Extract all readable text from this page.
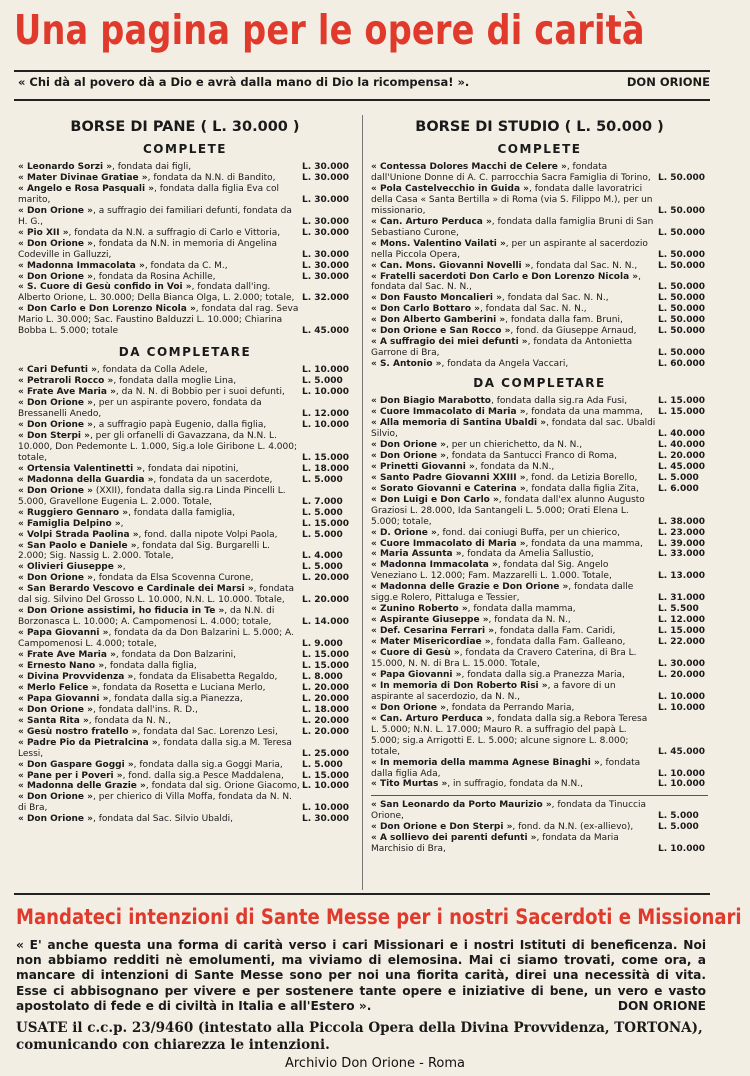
Una pagina per le opere di carità
« Chi dà al povero dà a Dio e avrà dalla mano di Dio la ricompensa! ».	DON ORIONE
BORSE DI PANE ( L. 30.000 )
COMPLETE
« Leonardo Sorzi », fondata dai figli,	L. 30.000
« Mater Divinae Gratiae », fondata da N.N. di Bandito,	L. 30.000
« Angelo e Rosa Pasquali », fondata dalla figlia Eva col marito,	L. 30.000
« Don Orione », a suffragio dei familiari defunti, fondata da H. G.,	L. 30.000
« Pio XII », fondata da N.N. a suffragio di Carlo e Vittoria, L. 30.000
« Don Orione », fondata da N.N. in memoria di Angelina Codeville in Galluzzi,	L. 30.000
« Madonna Immacolata », fondata da C. M.,	L. 30.000
« Don Orione », fondata da Rosina Achille,	L. 30.000
« S. Cuore di Gesù confido in Voi », fondata dall'ing. Alberto Orione, L. 30.000; Della Bianca Olga, L. 2.000; totale, L. 32.000
« Don Carlo e Don Lorenzo Nicola », fondata dal rag. Seva Mario L. 30.000; Sac. Faustino Balduzzi L. 10.000; Chiarina Bobba L. 5.000; totale	L. 45.000
DA COMPLETARE
« Cari Defunti », fondata da Colla Adele,	L. 10.000
« Petraroli Rocco », fondata dalla moglie Lina,	L. 5.000
« Frate Ave Maria », da N. N. di Bobbio per i suoi defunti, L. 10.000
« Don Orione », per un aspirante povero, fondata da Bressanelli Anedo,	L. 12.000
« Don Orione », a suffragio papà Eugenio, dalla figlia,	L. 10.000
« Don Sterpi », per gli orfanelli di Gavazzana, da N.N. L. 10.000, Don Pedemonte L. 1.000, Sig.a Iole Giribone L. 4.000; totale,	L. 15.000
« Ortensia Valentinetti », fondata dai nipotini,	L. 18.000
« Madonna della Guardia », fondata da un sacerdote,	L. 5.000
« Don Orione » (XXII), fondata dalla sig.ra Linda Pincelli L. 5.000, Gravellone Eugenia L. 2.000. Totale,	L. 7.000
« Ruggiero Gennaro », fondata dalla famiglia,	L. 5.000
« Famiglia Delpino »,	L. 15.000
« Volpi Strada Paolina », fond. dalla nipote Volpi Paola,	L. 5.000
« San Paolo e Daniele », fondata dal Sig. Burgarelli L. 2.000; Sig. Nassig L. 2.000. Totale,	L. 4.000
« Olivieri Giuseppe »,	L. 5.000
« Don Orione », fondata da Elsa Scovenna Curone,	L. 20.000
« San Berardo Vescovo e Cardinale dei Marsi », fondata dal sig. Silvino Del Grosso L. 10.000, N.N. L. 10.000. Totale, L. 20.000
« Don Orione assistimi, ho fiducia in Te », da N.N. di Borzonasca L. 10.000; A. Campomenosi L. 4.000; totale,	L. 14.000
« Papa Giovanni », fondata da da Don Balzarini L. 5.000; A. Campomenosi L. 4.000; totale,	L. 9.000
« Frate Ave Maria », fondata da Don Balzarini,	L. 15.000
« Ernesto Nano », fondata dalla figlia,	L. 15.000
« Divina Provvidenza », fondata da Elisabetta Regaldo,	L. 8.000
« Merlo Felice », fondata da Rosetta e Luciana Merlo,	L. 20.000
« Papa Giovanni », fondata dalla sig.a Pianezza,	L. 20.000
« Don Orione », fondata dall'ins. R. D.,	L. 18.000
« Santa Rita », fondata da N. N.,	L. 20.000
« Gesù nostro fratello », fondata dal Sac. Lorenzo Lesi,	L. 20.000
« Padre Pio da Pietralcina », fondata dalla sig.a M. Teresa Lessi,	L. 25.000
« Don Gaspare Goggi », fondata dalla sig.a Goggi Maria, L. 5.000
« Pane per i Poveri », fond. dalla sig.a Pesce Maddalena, L. 15.000
« Madonna delle Grazie », fondata dal sig. Orione Giacomo, L. 10.000
« Don Orione », per chierico di Villa Moffa, fondata da N. N. di Bra,	L. 10.000
« Don Orione », fondata dal Sac. Silvio Ubaldi,	L. 30.000
BORSE DI STUDIO ( L. 50.000 )
COMPLETE
« Contessa Dolores Macchi de Celere », fondata dall'Unione Donne di A. C. parrocchia Sacra Famiglia di Torino, L. 50.000
« Pola Castelvecchio in Guida », fondata dalle lavoratrici della Casa « Santa Bertilla » di Roma (via S. Filippo M.), per un missionario,	L. 50.000
« Can. Arturo Perduca », fondata dalla famiglia Bruni di San Sebastiano Curone,	L. 50.000
« Mons. Valentino Vailati », per un aspirante al sacerdozio nella Piccola Opera,	L. 50.000
« Can. Mons. Giovanni Novelli », fondata dal Sac. N. N., L. 50.000
« Fratelli sacerdoti Don Carlo e Don Lorenzo Nicola », fondata dal Sac. N. N.,	L. 50.000
« Don Fausto Moncalieri », fondata dal Sac. N. N.,	L. 50.000
« Don Carlo Bottaro », fondata dal Sac. N. N.,	L. 50.000
« Don Alberto Gamberini », fondata dalla fam. Bruni,	L. 50.000
« Don Orione e San Rocco », fond. da Giuseppe Arnaud, L. 50.000
« A suffragio dei miei defunti », fondata da Antonietta Garrone di Bra,	L. 50.000
« S. Antonio », fondata da Angela Vaccari,	L. 60.000
DA COMPLETARE
« Don Biagio Marabotto, fondata dalla sig.ra Ada Fusi,	L. 15.000
« Cuore Immacolato di Maria », fondata da una mamma, L. 15.000
« Alla memoria di Santina Ubaldi », fondata dal sac. Ubaldi Silvio,	L. 40.000
« Don Orione », per un chierichetto, da N. N.,	L. 40.000
« Don Orione », fondata da Santucci Franco di Roma,	L. 20.000
« Prinetti Giovanni », fondata da N.N.,	L. 45.000
« Santo Padre Giovanni XXIII », fond. da Letizia Borello, L. 5.000
« Sorato Giovanni e Caterina », fondata dalla figlia Zita, L. 6.000
« Don Luigi e Don Carlo », fondata dall'ex alunno Augusto Graziosi L. 28.000, Ida Santangeli L. 5.000; Orati Elena L. 5.000; totale,	L. 38.000
« D. Orione », fond. dai coniugi Buffa, per un chierico,	L. 23.000
« Cuore Immacolato di Maria », fondata da una mamma, L. 39.000
« Maria Assunta », fondata da Amelia Sallustio,	L. 33.000
« Madonna Immacolata », fondata dal Sig. Angelo Veneziano L. 12.000; Fam. Mazzarelli L. 1.000. Totale,	L. 13.000
« Madonna delle Grazie e Don Orione », fondata dalle sigg.e Rolero, Pittaluga e Tessier,	L. 31.000
« Zunino Roberto », fondata dalla mamma,	L. 5.500
« Aspirante Giuseppe », fondata da N. N.,	L. 12.000
« Def. Cesarina Ferrari », fondata dalla Fam. Caridi,	L. 15.000
« Mater Misericordiae », fondata dalla Fam. Galleano,	L. 22.000
« Cuore di Gesù », fondata da Cravero Caterina, di Bra L. 15.000, N. N. di Bra L. 15.000. Totale,	L. 30.000
« Papa Giovanni », fondata dalla sig.a Pranezza Maria,	L. 20.000
« In memoria di Don Roberto Risi », a favore di un aspirante al sacerdozio, da N. N.,	L. 10.000
« Don Orione », fondata da Perrando Maria,	L. 10.000
« Can. Arturo Perduca », fondata dalla sig.a Rebora Teresa L. 5.000; N.N. L. 17.000; Mauro R. a suffragio del papà L. 5.000; sig.a Arrigotti E. L. 5.000; alcune signore L. 8.000; totale,	L. 45.000
« In memoria della mamma Agnese Binaghi », fondata dalla figlia Ada,	L. 10.000
« Tito Murtas », in suffragio, fondata da N.N.,	L. 10.000
« San Leonardo da Porto Maurizio », fondata da Tinuccia Orione,	L. 5.000
« Don Orione e Don Sterpi », fond. da N.N. (ex-allievo),	L. 5.000
« A sollievo dei parenti defunti », fondata da Maria Marchisio di Bra,	L. 10.000
Mandateci intenzioni di Sante Messe per i nostri Sacerdoti e Missionari
« E' anche questa una forma di carità verso i cari Missionari e i nostri Istituti di beneficenza. Noi non abbiamo redditi nè emolumenti, ma viviamo di elemosina. Mai ci siamo trovati, come ora, a mancare di intenzioni di Sante Messe sono per noi una fiorita carità, direi una necessità di vita. Esse ci abbisognano per vivere e per sostenere tante opere e iniziative di bene, un vero e vasto apostolato di fede e di civiltà in Italia e all'Estero ».	DON ORIONE
USATE il c.c.p. 23/9460 (intestato alla Piccola Opera della Divina Provvidenza, TORTONA), comunicando con chiarezza le intenzioni.
Archivio Don Orione - Roma
